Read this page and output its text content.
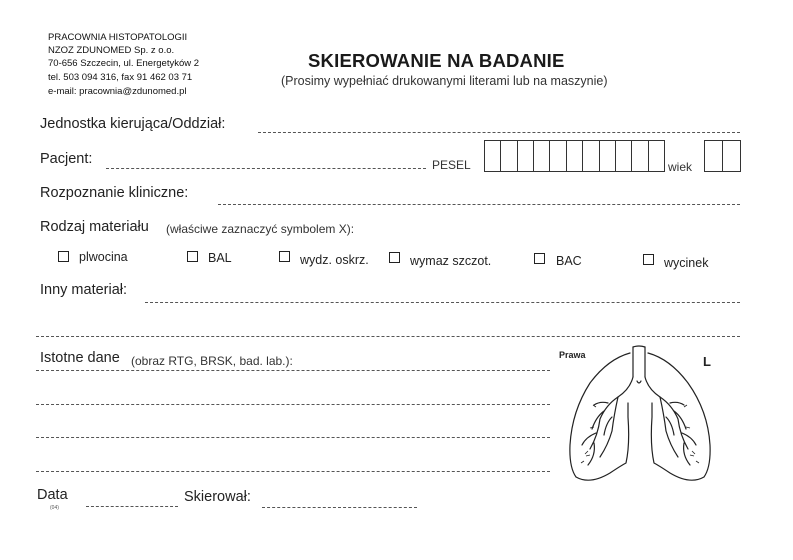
PRACOWNIA HISTOPATOLOGII
NZOZ ZDUNOMED Sp. z o.o.
70-656 Szczecin, ul. Energetyków 2
tel. 503 094 316, fax 91 462 03 71
e-mail: pracownia@zdunomed.pl
SKIEROWANIE NA BADANIE
(Prosimy wypełniać drukowanymi literami lub na maszynie)
Jednostka kierująca/Oddział:
Pacjent:	PESEL	wiek
Rozpoznanie kliniczne:
Rodzaj materiału (właściwe zaznaczyć symbolem X):
plwocina	BAL	wydz. oskrz.	wymaz szczot.	BAC	wycinek
Inny materiał:
Istotne dane (obraz RTG, BRSK, bad. lab.):
Data
(04)
Skierował:
Prawa	L
